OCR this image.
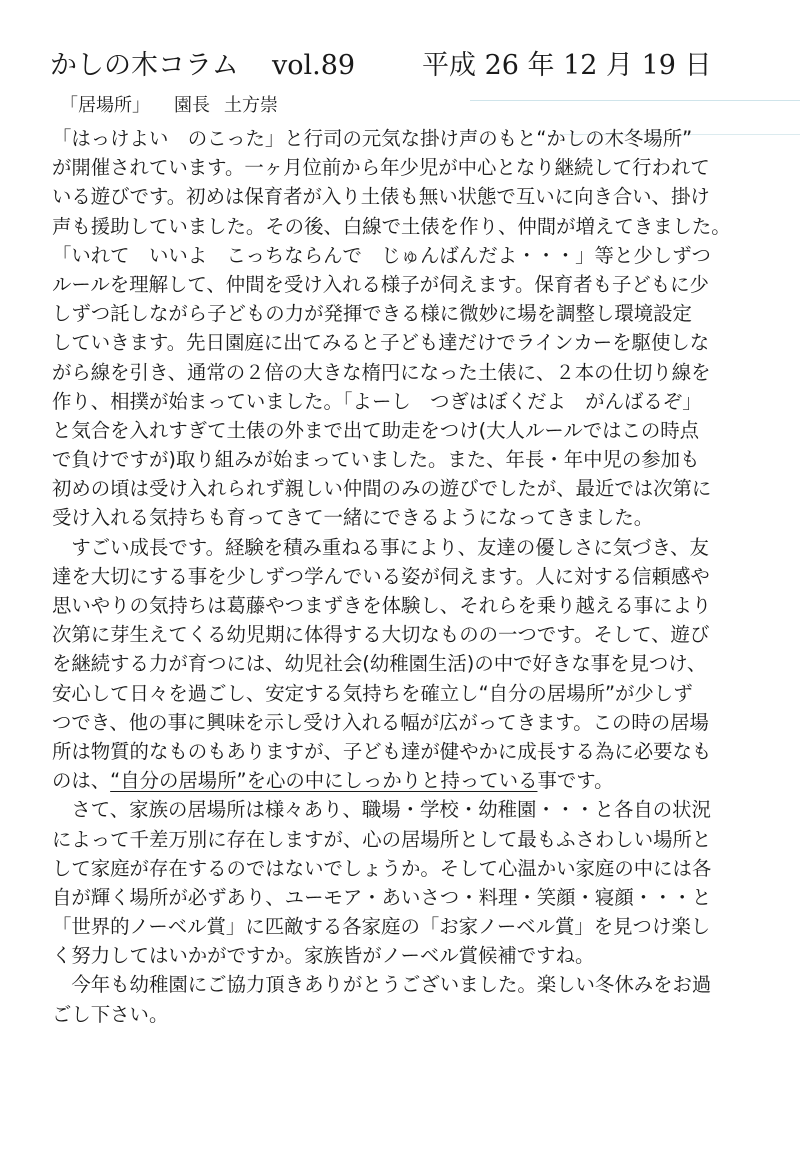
かしの木コラム vol.89 平成 26 年 12 月 19 日
「居場所」 園長 土方崇
「はっけよい　のこった」と行司の元気な掛け声のもと“かしの木冬場所”
が開催されています。一ヶ月位前から年少児が中心となり継続して行われて
いる遊びです。初めは保育者が入り土俵も無い状態で互いに向き合い、掛け
声も援助していました。その後、白線で土俵を作り、仲間が増えてきました。
「いれて　いいよ　こっちならんで　じゅんばんだよ・・・」等と少しずつ
ルールを理解して、仲間を受け入れる様子が伺えます。保育者も子どもに少
しずつ託しながら子どもの力が発揮できる様に微妙に場を調整し環境設定
していきます。先日園庭に出てみると子ども達だけでラインカーを駆使しな
がら線を引き、通常の２倍の大きな楕円になった土俵に、２本の仕切り線を
作り、相撲が始まっていました。「よーし　つぎはぼくだよ　がんばるぞ」
と気合を入れすぎて土俵の外まで出て助走をつけ(大人ルールではこの時点
で負けですが)取り組みが始まっていました。また、年長・年中児の参加も
初めの頃は受け入れられず親しい仲間のみの遊びでしたが、最近では次第に
受け入れる気持ちも育ってきて一緒にできるようになってきました。
　すごい成長です。経験を積み重ねる事により、友達の優しさに気づき、友
達を大切にする事を少しずつ学んでいる姿が伺えます。人に対する信頼感や
思いやりの気持ちは葛藤やつまずきを体験し、それらを乗り越える事により
次第に芽生えてくる幼児期に体得する大切なものの一つです。そして、遊び
を継続する力が育つには、幼児社会(幼稚園生活)の中で好きな事を見つけ、
安心して日々を過ごし、安定する気持ちを確立し“自分の居場所”が少しず
つでき、他の事に興味を示し受け入れる幅が広がってきます。この時の居場
所は物質的なものもありますが、子ども達が健やかに成長する為に必要なも
のは、“自分の居場所”を心の中にしっかりと持っている事です。
　さて、家族の居場所は様々あり、職場・学校・幼稚園・・・と各自の状況
によって千差万別に存在しますが、心の居場所として最もふさわしい場所と
して家庭が存在するのではないでしょうか。そして心温かい家庭の中には各
自が輝く場所が必ずあり、ユーモア・あいさつ・料理・笑顔・寝顔・・・と
「世界的ノーベル賞」に匹敵する各家庭の「お家ノーベル賞」を見つけ楽し
く努力してはいかがですか。家族皆がノーベル賞候補ですね。
　今年も幼稚園にご協力頂きありがとうございました。楽しい冬休みをお過
ごし下さい。
